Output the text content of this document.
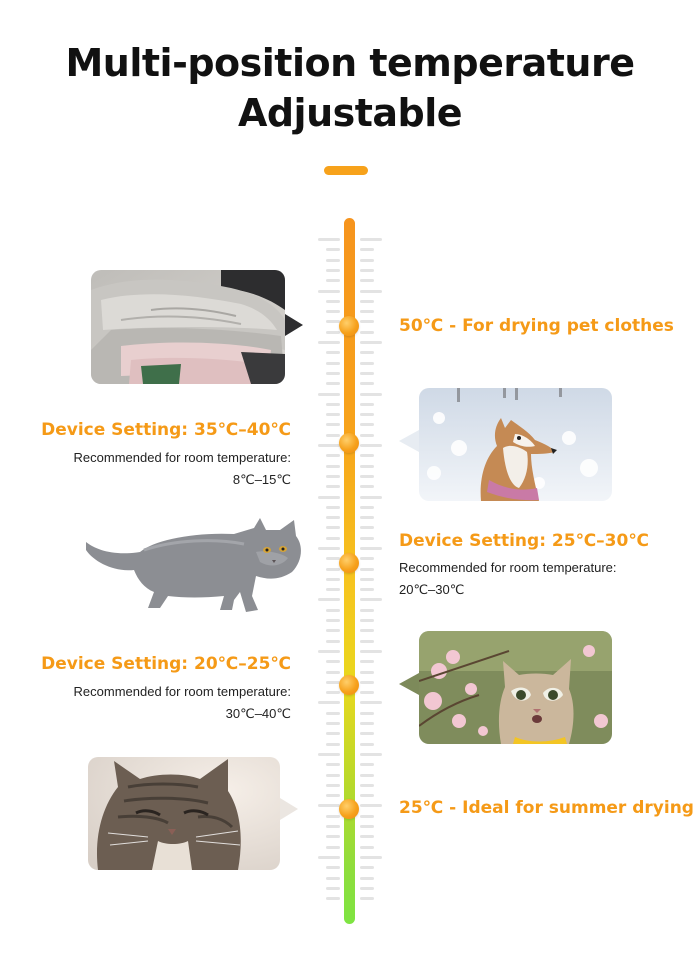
Multi-position temperature
Adjustable
50℃ - For drying pet clothes
Device Setting: 35℃–40℃
Recommended for room temperature:
8℃–15℃
Device Setting: 25℃–30℃
Recommended for room temperature:
20℃–30℃
Device Setting: 20℃–25℃
Recommended for room temperature:
30℃–40℃
25℃ - Ideal for summer drying
